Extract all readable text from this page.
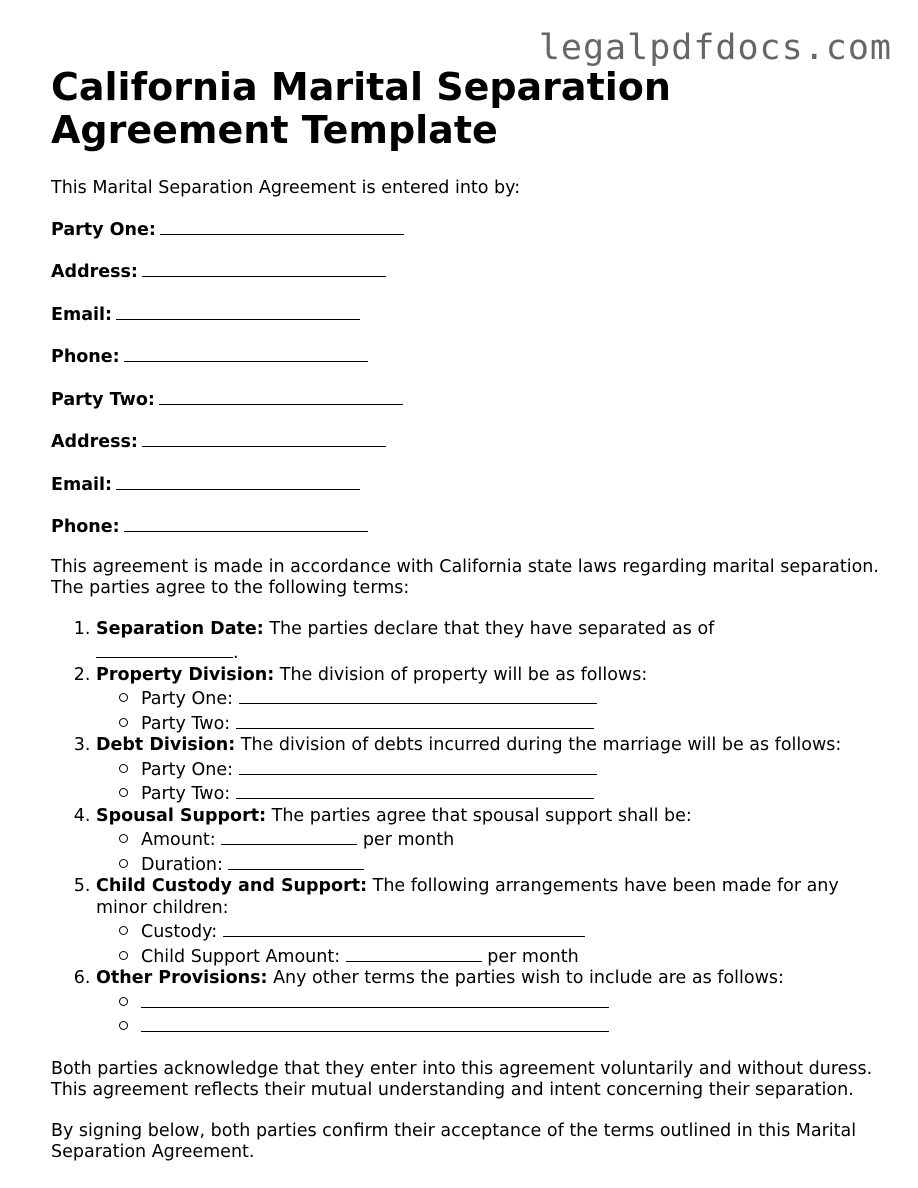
legalpdfdocs.com
California Marital Separation Agreement Template

This Marital Separation Agreement is entered into by:

Party One:
Address:
Email:
Phone:
Party Two:
Address:
Email:
Phone:

This agreement is made in accordance with California state laws regarding marital separation. The parties agree to the following terms:

1. Separation Date: The parties declare that they have separated as of
.
2. Property Division: The division of property will be as follows:
Party One:
Party Two:
3. Debt Division: The division of debts incurred during the marriage will be as follows:
Party One:
Party Two:
4. Spousal Support: The parties agree that spousal support shall be:
Amount:	per month
Duration:
5. Child Custody and Support: The following arrangements have been made for any minor children:
Custody:
Child Support Amount:	per month
6. Other Provisions: Any other terms the parties wish to include are as follows:

Both parties acknowledge that they enter into this agreement voluntarily and without duress. This agreement reflects their mutual understanding and intent concerning their separation.

By signing below, both parties confirm their acceptance of the terms outlined in this Marital Separation Agreement.
